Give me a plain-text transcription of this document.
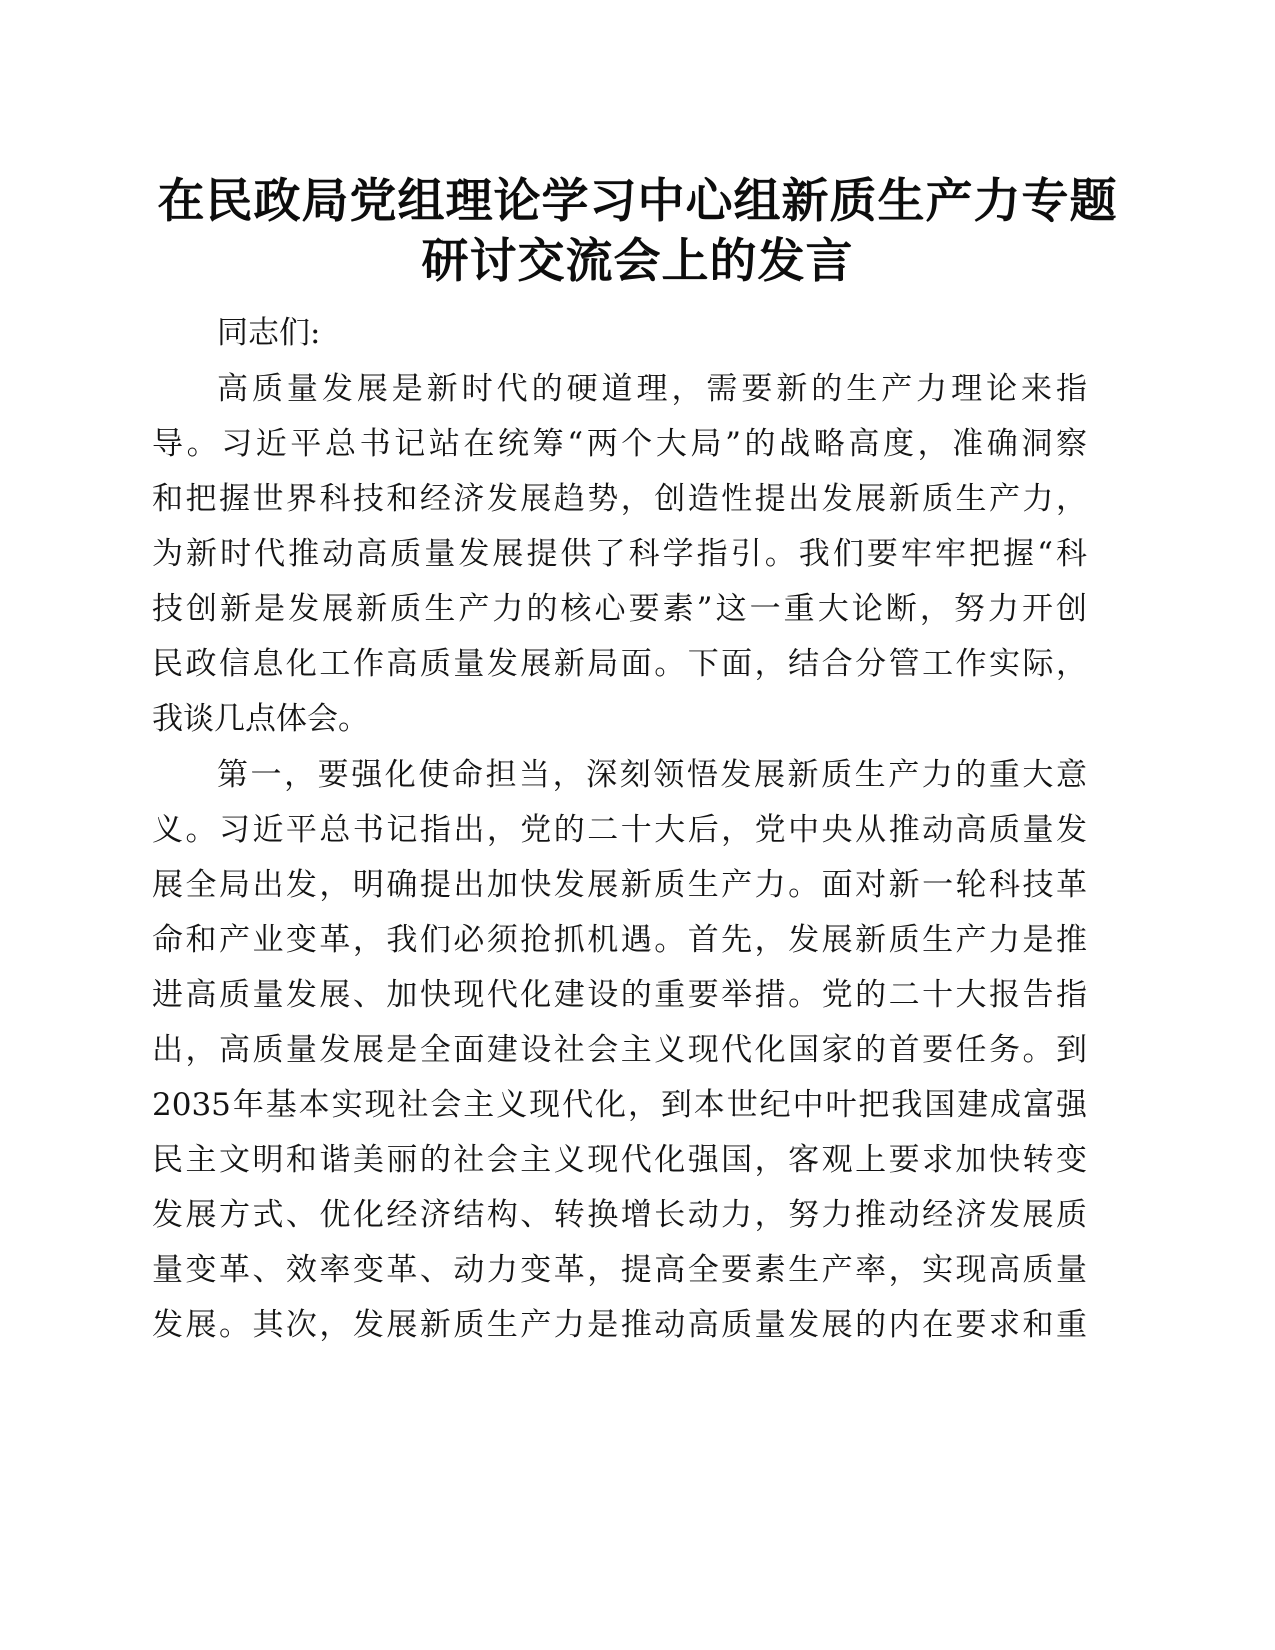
在民政局党组理论学习中心组新质生产力专题
研讨交流会上的发言
同志们:
高质量发展是新时代的硬道理，需要新的生产力理论来指
导。习近平总书记站在统筹“两个大局”的战略高度，准确洞察
和把握世界科技和经济发展趋势，创造性提出发展新质生产力，
为新时代推动高质量发展提供了科学指引。我们要牢牢把握“科
技创新是发展新质生产力的核心要素”这一重大论断，努力开创
民政信息化工作高质量发展新局面。下面，结合分管工作实际，
我谈几点体会。
第一，要强化使命担当，深刻领悟发展新质生产力的重大意
义。习近平总书记指出，党的二十大后，党中央从推动高质量发
展全局出发，明确提出加快发展新质生产力。面对新一轮科技革
命和产业变革，我们必须抢抓机遇。首先，发展新质生产力是推
进高质量发展、加快现代化建设的重要举措。党的二十大报告指
出，高质量发展是全面建设社会主义现代化国家的首要任务。到
2035年基本实现社会主义现代化，到本世纪中叶把我国建成富强
民主文明和谐美丽的社会主义现代化强国，客观上要求加快转变
发展方式、优化经济结构、转换增长动力，努力推动经济发展质
量变革、效率变革、动力变革，提高全要素生产率，实现高质量
发展。其次，发展新质生产力是推动高质量发展的内在要求和重
